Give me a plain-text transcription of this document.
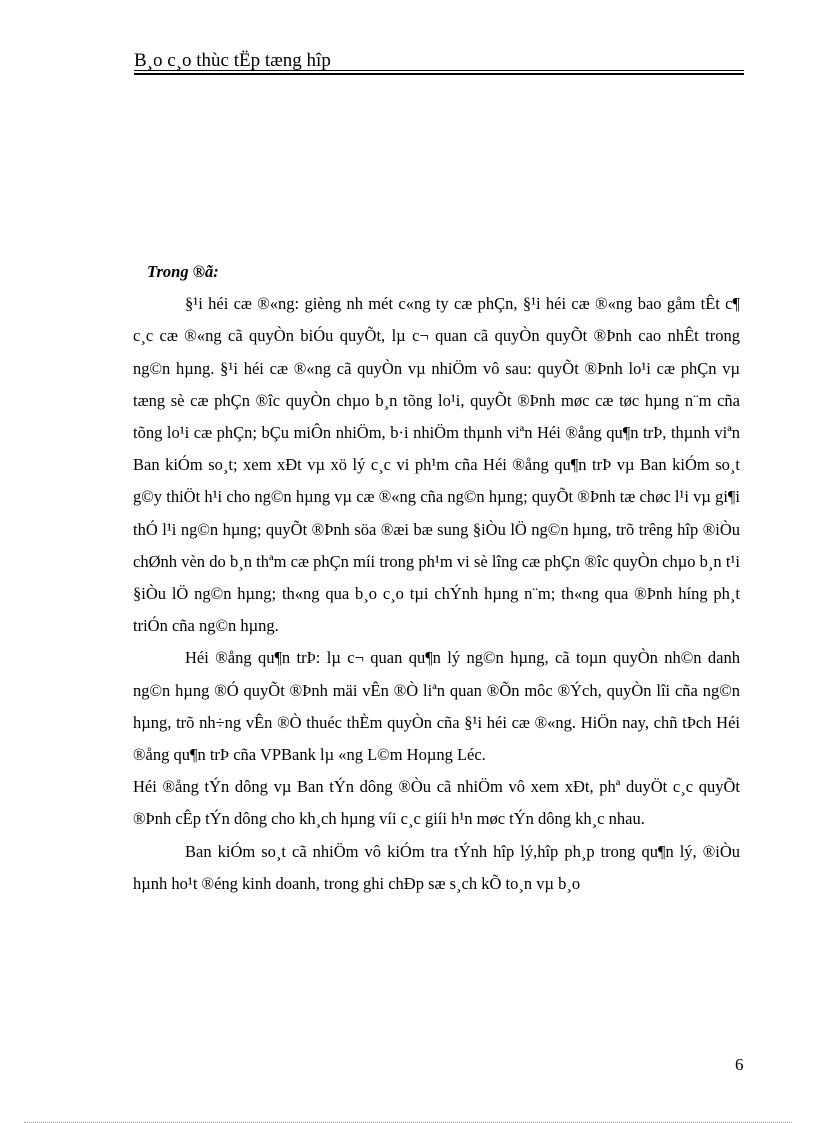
B¸o c¸o thùc tËp tæng hîp

Trong ®ã:

§¹i héi cæ ®«ng: gièng nh mét c«ng ty cæ phÇn, §¹i héi cæ ®«ng bao gåm tÊt c¶ c¸c cæ ®«ng cã quyÒn biÓu quyÕt, lµ c¬ quan cã quyÒn quyÕt ®Þnh cao nhÊt trong ng©n hµng. §¹i héi cæ ®«ng cã quyÒn vµ nhiÖm vô sau: quyÕt ®Þnh lo¹i cæ phÇn vµ tæng sè cæ phÇn ®îc quyÒn chµo b¸n tõng lo¹i, quyÕt ®Þnh møc cæ tøc hµng n¨m cña tõng lo¹i cæ phÇn; bÇu miÔn nhiÖm, b·i nhiÖm thµnh viªn Héi ®ång qu¶n trÞ, thµnh viªn Ban kiÓm so¸t; xem xÐt vµ xö lý c¸c vi ph¹m cña Héi ®ång qu¶n trÞ vµ Ban kiÓm so¸t g©y thiÖt h¹i cho ng©n hµng vµ cæ ®«ng cña ng©n hµng; quyÕt ®Þnh tæ chøc l¹i vµ gi¶i thÓ l¹i ng©n hµng; quyÕt ®Þnh söa ®æi bæ sung §iÒu lÖ ng©n hµng, trõ trêng hîp ®iÒu chØnh vèn do b¸n thªm cæ phÇn míi trong ph¹m vi sè lîng cæ phÇn ®îc quyÒn chµo b¸n t¹i §iÒu lÖ ng©n hµng; th«ng qua b¸o c¸o tµi chÝnh hµng n¨m; th«ng qua ®Þnh híng ph¸t triÓn cña ng©n hµng.

Héi ®ång qu¶n trÞ: lµ c¬ quan qu¶n lý ng©n hµng, cã toµn quyÒn nh©n danh ng©n hµng ®Ó quyÕt ®Þnh mäi vÊn ®Ò liªn quan ®Õn môc ®Ých, quyÒn lîi cña ng©n hµng, trõ nh÷ng vÊn ®Ò thuéc thÈm quyÒn cña §¹i héi cæ ®«ng. HiÖn nay, chñ tÞch Héi ®ång qu¶n trÞ cña VPBank lµ «ng L©m Hoµng Léc.

Héi ®ång tÝn dông vµ Ban tÝn dông ®Òu cã nhiÖm vô xem xÐt, phª duyÖt c¸c quyÕt ®Þnh cÊp tÝn dông cho kh¸ch hµng víi c¸c giíi h¹n møc tÝn dông kh¸c nhau.

Ban kiÓm so¸t cã nhiÖm vô kiÓm tra tÝnh hîp lý,hîp ph¸p trong qu¶n lý, ®iÒu hµnh ho¹t ®éng kinh doanh, trong ghi chÐp sæ s¸ch kÕ to¸n vµ b¸o

6
